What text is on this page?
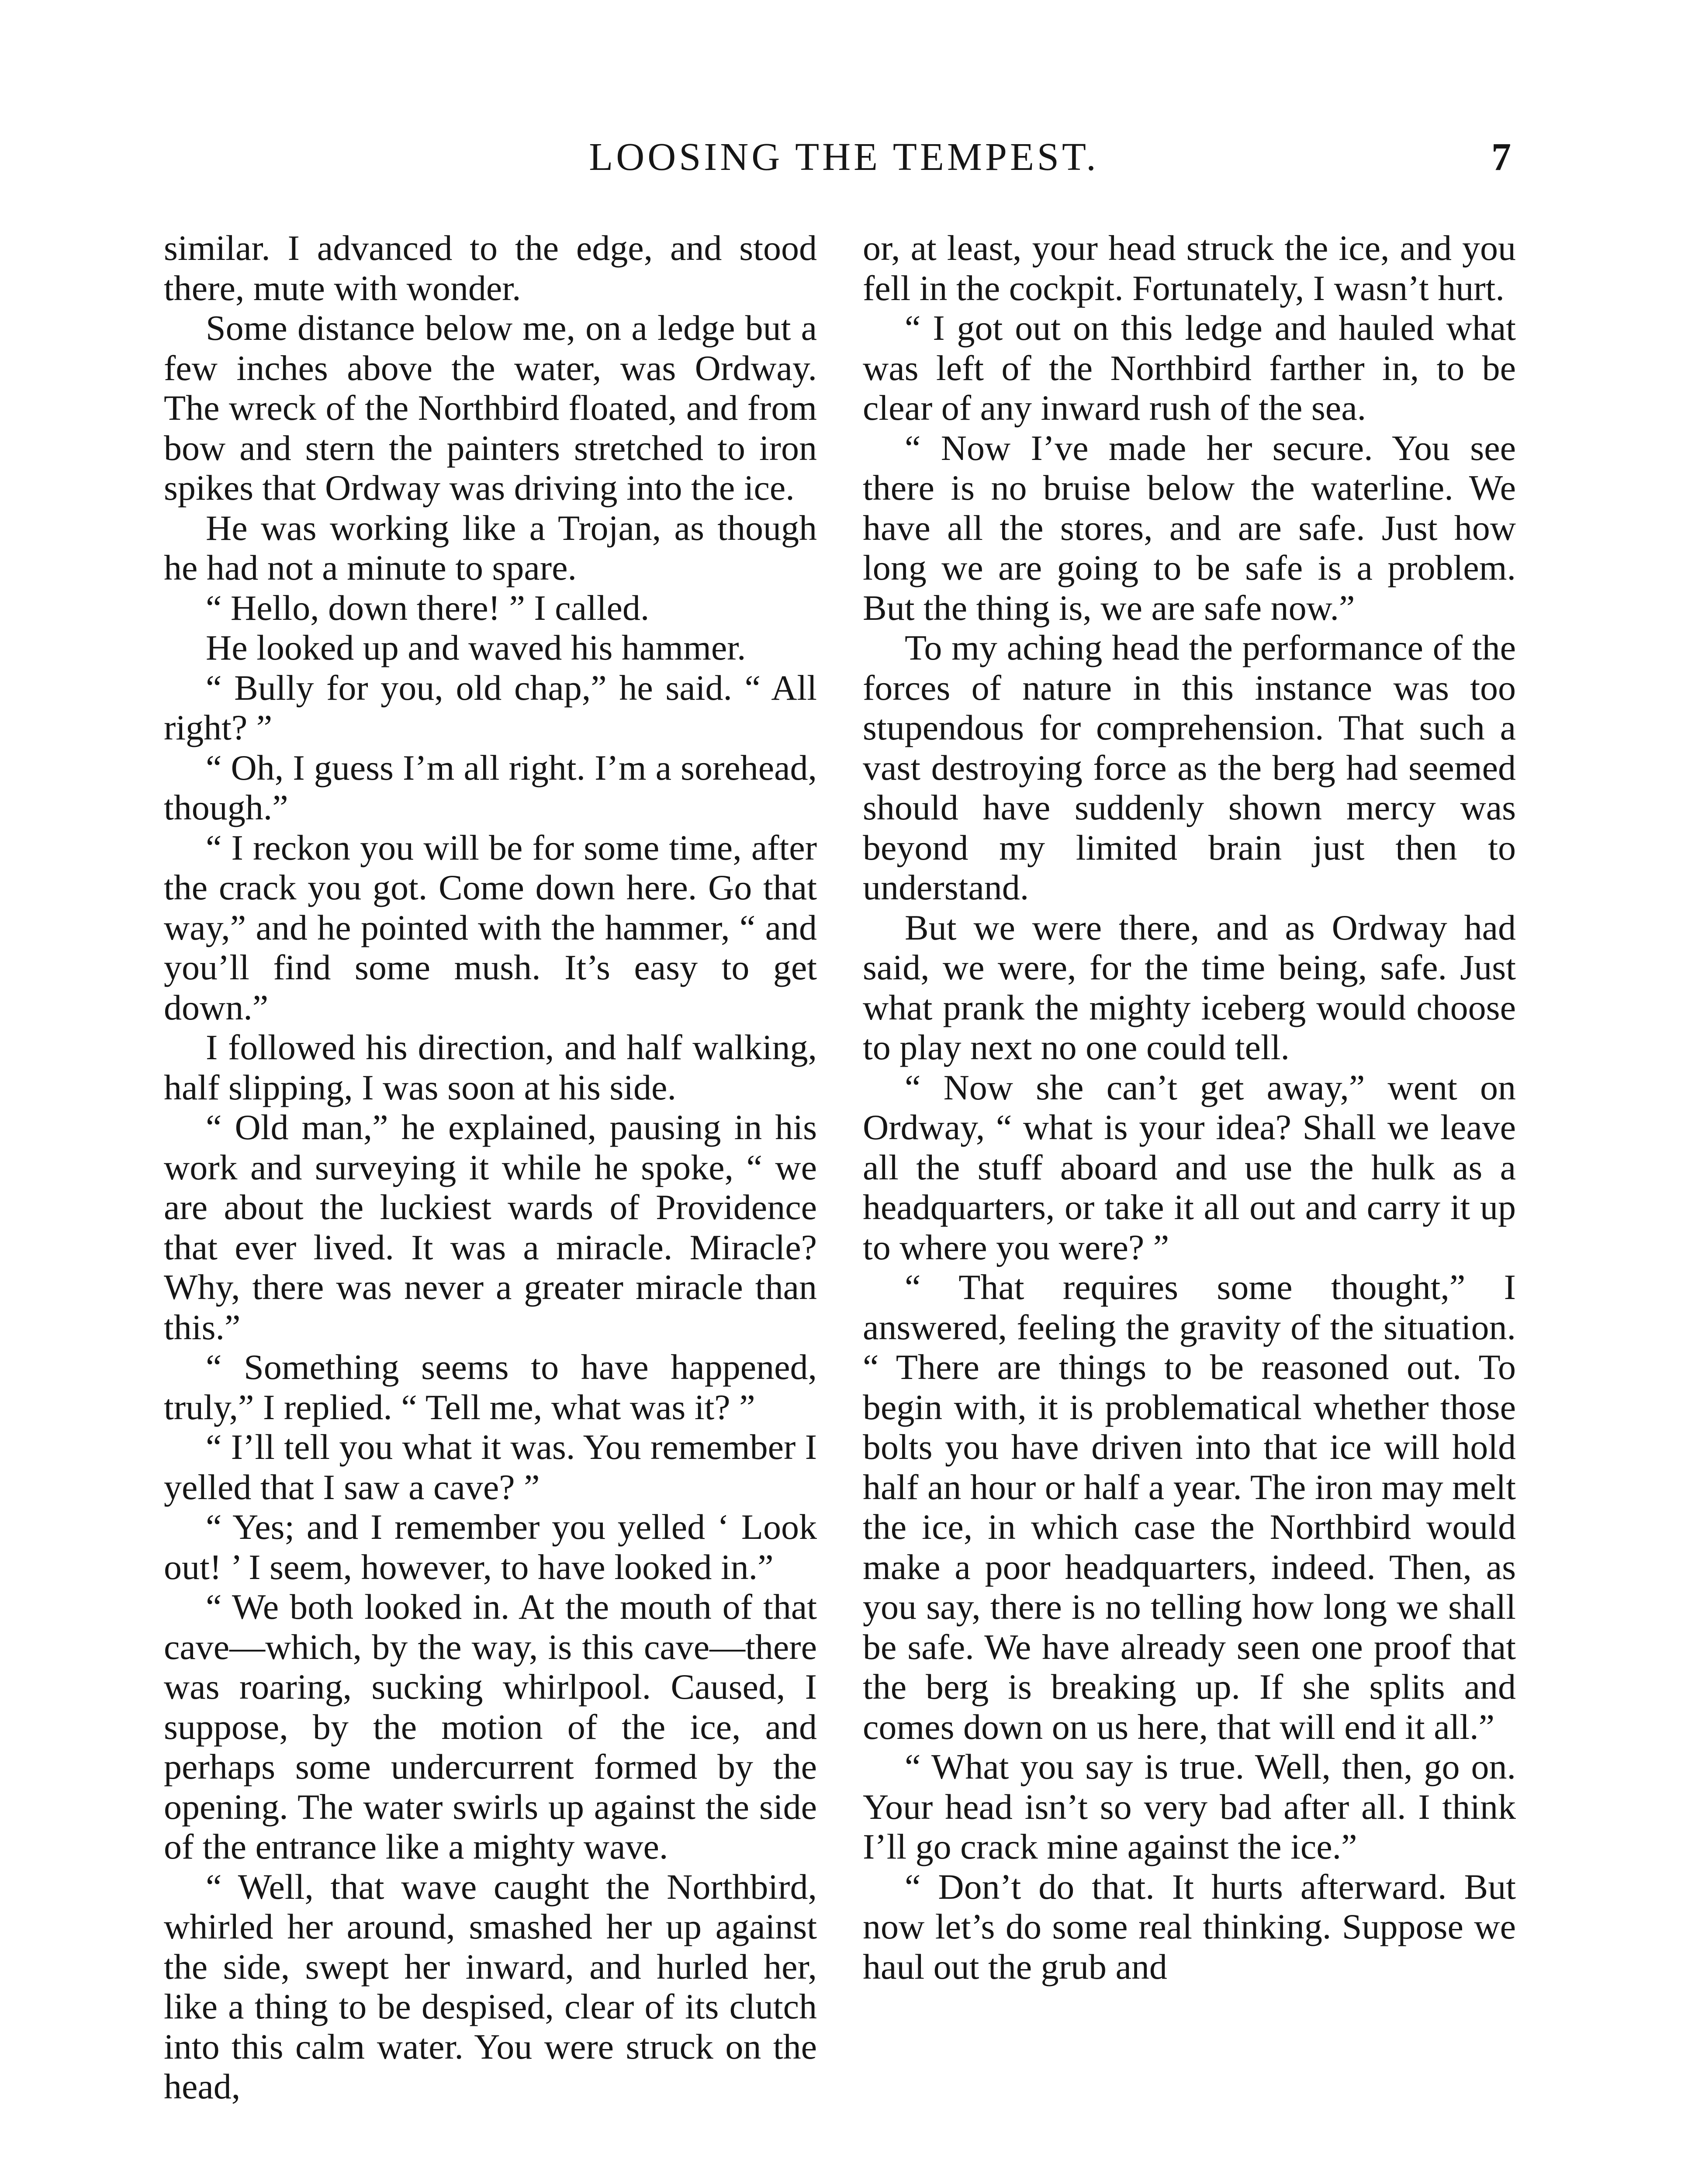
LOOSING THE TEMPEST.	7

similar. I advanced to the edge, and stood there, mute with wonder.

Some distance below me, on a ledge but a few inches above the water, was Ordway. The wreck of the Northbird floated, and from bow and stern the painters stretched to iron spikes that Ordway was driving into the ice.

He was working like a Trojan, as though he had not a minute to spare.

“ Hello, down there! ” I called.

He looked up and waved his hammer.

“ Bully for you, old chap,” he said. “ All right? ”

“ Oh, I guess I’m all right. I’m a sorehead, though.”

“ I reckon you will be for some time, after the crack you got. Come down here. Go that way,” and he pointed with the hammer, “ and you’ll find some mush. It’s easy to get down.”

I followed his direction, and half walking, half slipping, I was soon at his side.

“ Old man,” he explained, pausing in his work and surveying it while he spoke, “ we are about the luckiest wards of Providence that ever lived. It was a miracle. Miracle? Why, there was never a greater miracle than this.”

“ Something seems to have happened, truly,” I replied. “ Tell me, what was it? ”

“ I’ll tell you what it was. You remember I yelled that I saw a cave? ”

“ Yes; and I remember you yelled ‘ Look out! ’ I seem, however, to have looked in.”

“ We both looked in. At the mouth of that cave—which, by the way, is this cave—there was roaring, sucking whirlpool. Caused, I suppose, by the motion of the ice, and perhaps some undercurrent formed by the opening. The water swirls up against the side of the entrance like a mighty wave.

“ Well, that wave caught the Northbird, whirled her around, smashed her up against the side, swept her inward, and hurled her, like a thing to be despised, clear of its clutch into this calm water. You were struck on the head,

or, at least, your head struck the ice, and you fell in the cockpit. Fortunately, I wasn’t hurt.

“ I got out on this ledge and hauled what was left of the Northbird farther in, to be clear of any inward rush of the sea.

“ Now I’ve made her secure. You see there is no bruise below the waterline. We have all the stores, and are safe. Just how long we are going to be safe is a problem. But the thing is, we are safe now.”

To my aching head the performance of the forces of nature in this instance was too stupendous for comprehension. That such a vast destroying force as the berg had seemed should have suddenly shown mercy was beyond my limited brain just then to understand.

But we were there, and as Ordway had said, we were, for the time being, safe. Just what prank the mighty iceberg would choose to play next no one could tell.

“ Now she can’t get away,” went on Ordway, “ what is your idea? Shall we leave all the stuff aboard and use the hulk as a headquarters, or take it all out and carry it up to where you were? ”

“ That requires some thought,” I answered, feeling the gravity of the situation. “ There are things to be reasoned out. To begin with, it is problematical whether those bolts you have driven into that ice will hold half an hour or half a year. The iron may melt the ice, in which case the Northbird would make a poor headquarters, indeed. Then, as you say, there is no telling how long we shall be safe. We have already seen one proof that the berg is breaking up. If she splits and comes down on us here, that will end it all.”

“ What you say is true. Well, then, go on. Your head isn’t so very bad after all. I think I’ll go crack mine against the ice.”

“ Don’t do that. It hurts afterward. But now let’s do some real thinking. Suppose we haul out the grub and
